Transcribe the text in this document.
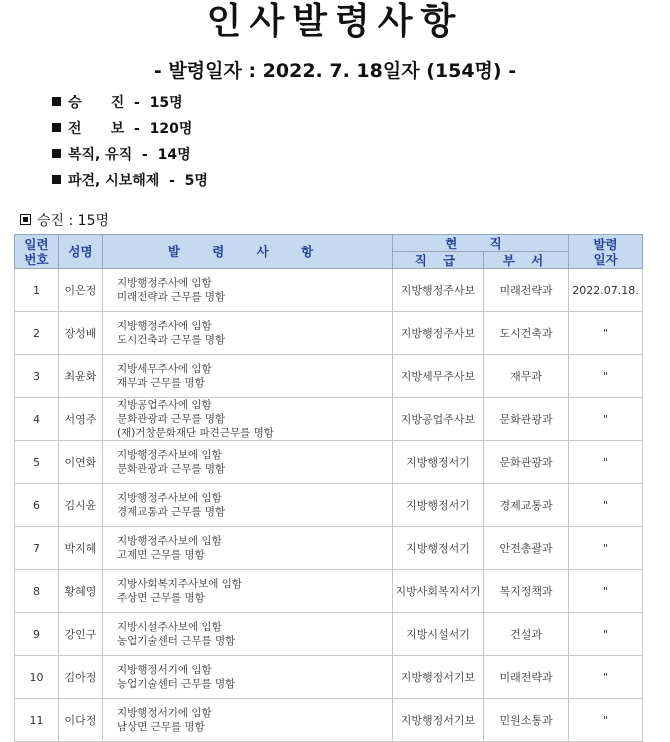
인사발령사항
- 발령일자 : 2022. 7. 18일자 (154명) -
승      진  -  15명
전      보  -  120명
복직, 유직  -  14명
파견, 시보해제  -  5명
승진 : 15명
일련
번호	성명	발 령 사 항	현 직		발령
일자
			직 급	부 서	
1	이은정	지방행정주사에 임함
미래전략과 근무를 명함	지방행정주사보	미래전략과	2022.07.18.
2	장성배	지방행정주사에 임함
도시건축과 근무를 명함	지방행정주사보	도시건축과	"
3	최윤화	지방세무주사에 임함
재무과 근무를 명함	지방세무주사보	재무과	"
4	서영주	지방공업주사에 임함
문화관광과 근무를 명함
(재)거창문화재단 파견근무를 명함	지방공업주사보	문화관광과	"
5	이연화	지방행정주사보에 임함
문화관광과 근무를 명함	지방행정서기	문화관광과	"
6	김시윤	지방행정주사보에 임함
경제교통과 근무를 명함	지방행정서기	경제교통과	"
7	박지혜	지방행정주사보에 임함
고제면 근무를 명함	지방행정서기	안전총괄과	"
8	황혜영	지방사회복지주사보에 임함
주상면 근무를 명함	지방사회복지서기	복지정책과	"
9	강인구	지방시설주사보에 임함
농업기술센터 근무를 명함	지방시설서기	건설과	"
10	김아정	지방행정서기에 임함
농업기술센터 근무를 명함	지방행정서기보	미래전략과	"
11	이다정	지방행정서기에 임함
남상면 근무를 명함	지방행정서기보	민원소통과	"
